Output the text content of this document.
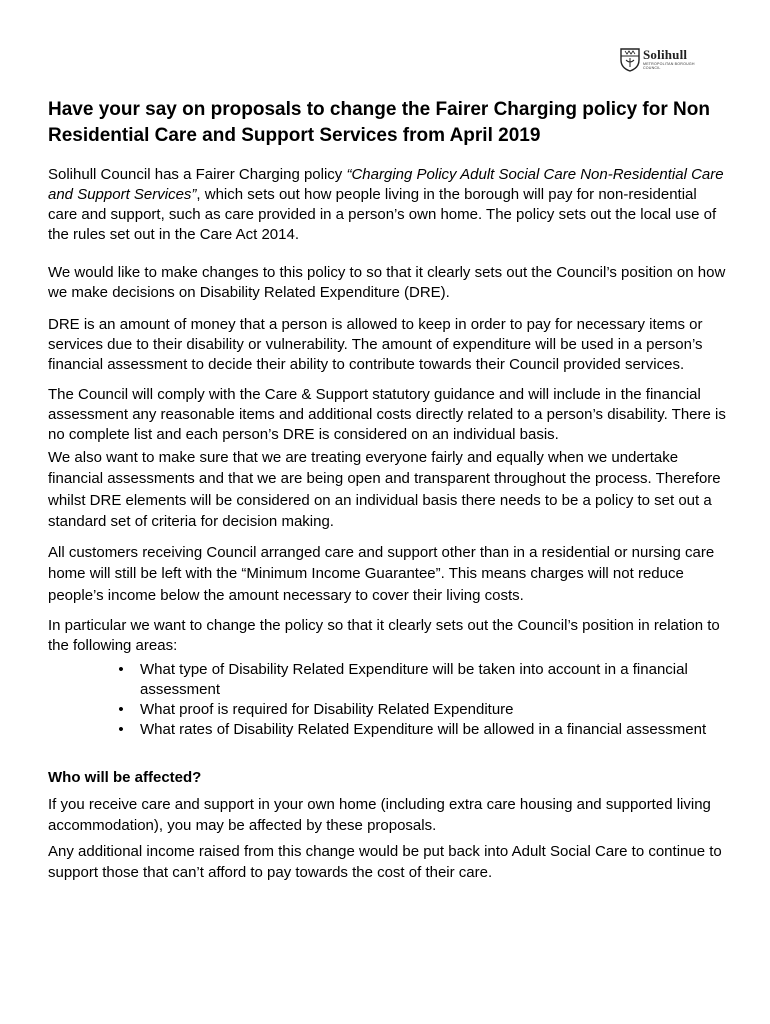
Solihull
METROPOLITAN BOROUGH COUNCIL
Have your say on proposals to change the Fairer Charging policy for Non Residential Care and Support Services from April 2019

Solihull Council has a Fairer Charging policy “Charging Policy Adult Social Care Non-Residential Care and Support Services”, which sets out how people living in the borough will pay for non-residential care and support, such as care provided in a person’s own home. The policy sets out the local use of the rules set out in the Care Act 2014.

We would like to make changes to this policy to so that it clearly sets out the Council’s position on how we make decisions on Disability Related Expenditure (DRE).

DRE is an amount of money that a person is allowed to keep in order to pay for necessary items or services due to their disability or vulnerability. The amount of expenditure will be used in a person’s financial assessment to decide their ability to contribute towards their Council provided services.

The Council will comply with the Care & Support statutory guidance and will include in the financial assessment any reasonable items and additional costs directly related to a person’s disability. There is no complete list and each person’s DRE is considered on an individual basis.

We also want to make sure that we are treating everyone fairly and equally when we undertake financial assessments and that we are being open and transparent throughout the process. Therefore whilst DRE elements will be considered on an individual basis there needs to be a policy to set out a standard set of criteria for decision making.

All customers receiving Council arranged care and support other than in a residential or nursing care home will still be left with the “Minimum Income Guarantee”. This means charges will not reduce people’s income below the amount necessary to cover their living costs.

In particular we want to change the policy so that it clearly sets out the Council’s position in relation to the following areas:

• What type of Disability Related Expenditure will be taken into account in a financial assessment
• What proof is required for Disability Related Expenditure
• What rates of Disability Related Expenditure will be allowed in a financial assessment
Who will be affected?

If you receive care and support in your own home (including extra care housing and supported living accommodation), you may be affected by these proposals.

Any additional income raised from this change would be put back into Adult Social Care to continue to support those that can’t afford to pay towards the cost of their care.
